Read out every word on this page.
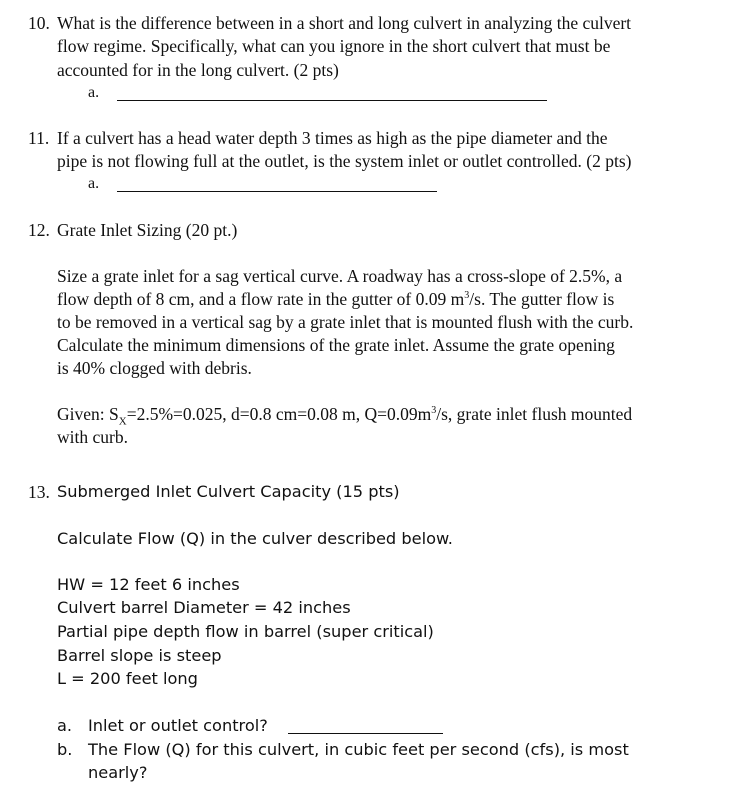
10. What is the difference between in a short and long culvert in analyzing the culvert
flow regime. Specifically, what can you ignore in the short culvert that must be
accounted for in the long culvert. (2 pts)
a.
11. If a culvert has a head water depth 3 times as high as the pipe diameter and the
pipe is not flowing full at the outlet, is the system inlet or outlet controlled. (2 pts)
a.
12. Grate Inlet Sizing (20 pt.)
Size a grate inlet for a sag vertical curve. A roadway has a cross-slope of 2.5%, a
flow depth of 8 cm, and a flow rate in the gutter of 0.09 $m^3/s$. The gutter flow is
to be removed in a vertical sag by a grate inlet that is mounted flush with the curb.
Calculate the minimum dimensions of the grate inlet. Assume the grate opening
is 40% clogged with debris.
Given: $S_X=2.5\%=0.025$, d=0.8 cm=0.08 m, $Q=0.09m^3/s$, grate inlet flush mounted
with curb.
13. Submerged Inlet Culvert Capacity (15 pts)
Calculate Flow (Q) in the culver described below.
HW = 12 feet 6 inches
Culvert barrel Diameter = 42 inches
Partial pipe depth flow in barrel (super critical)
Barrel slope is steep
L = 200 feet long
a. Inlet or outlet control?
b. The Flow (Q) for this culvert, in cubic feet per second (cfs), is most
nearly?
